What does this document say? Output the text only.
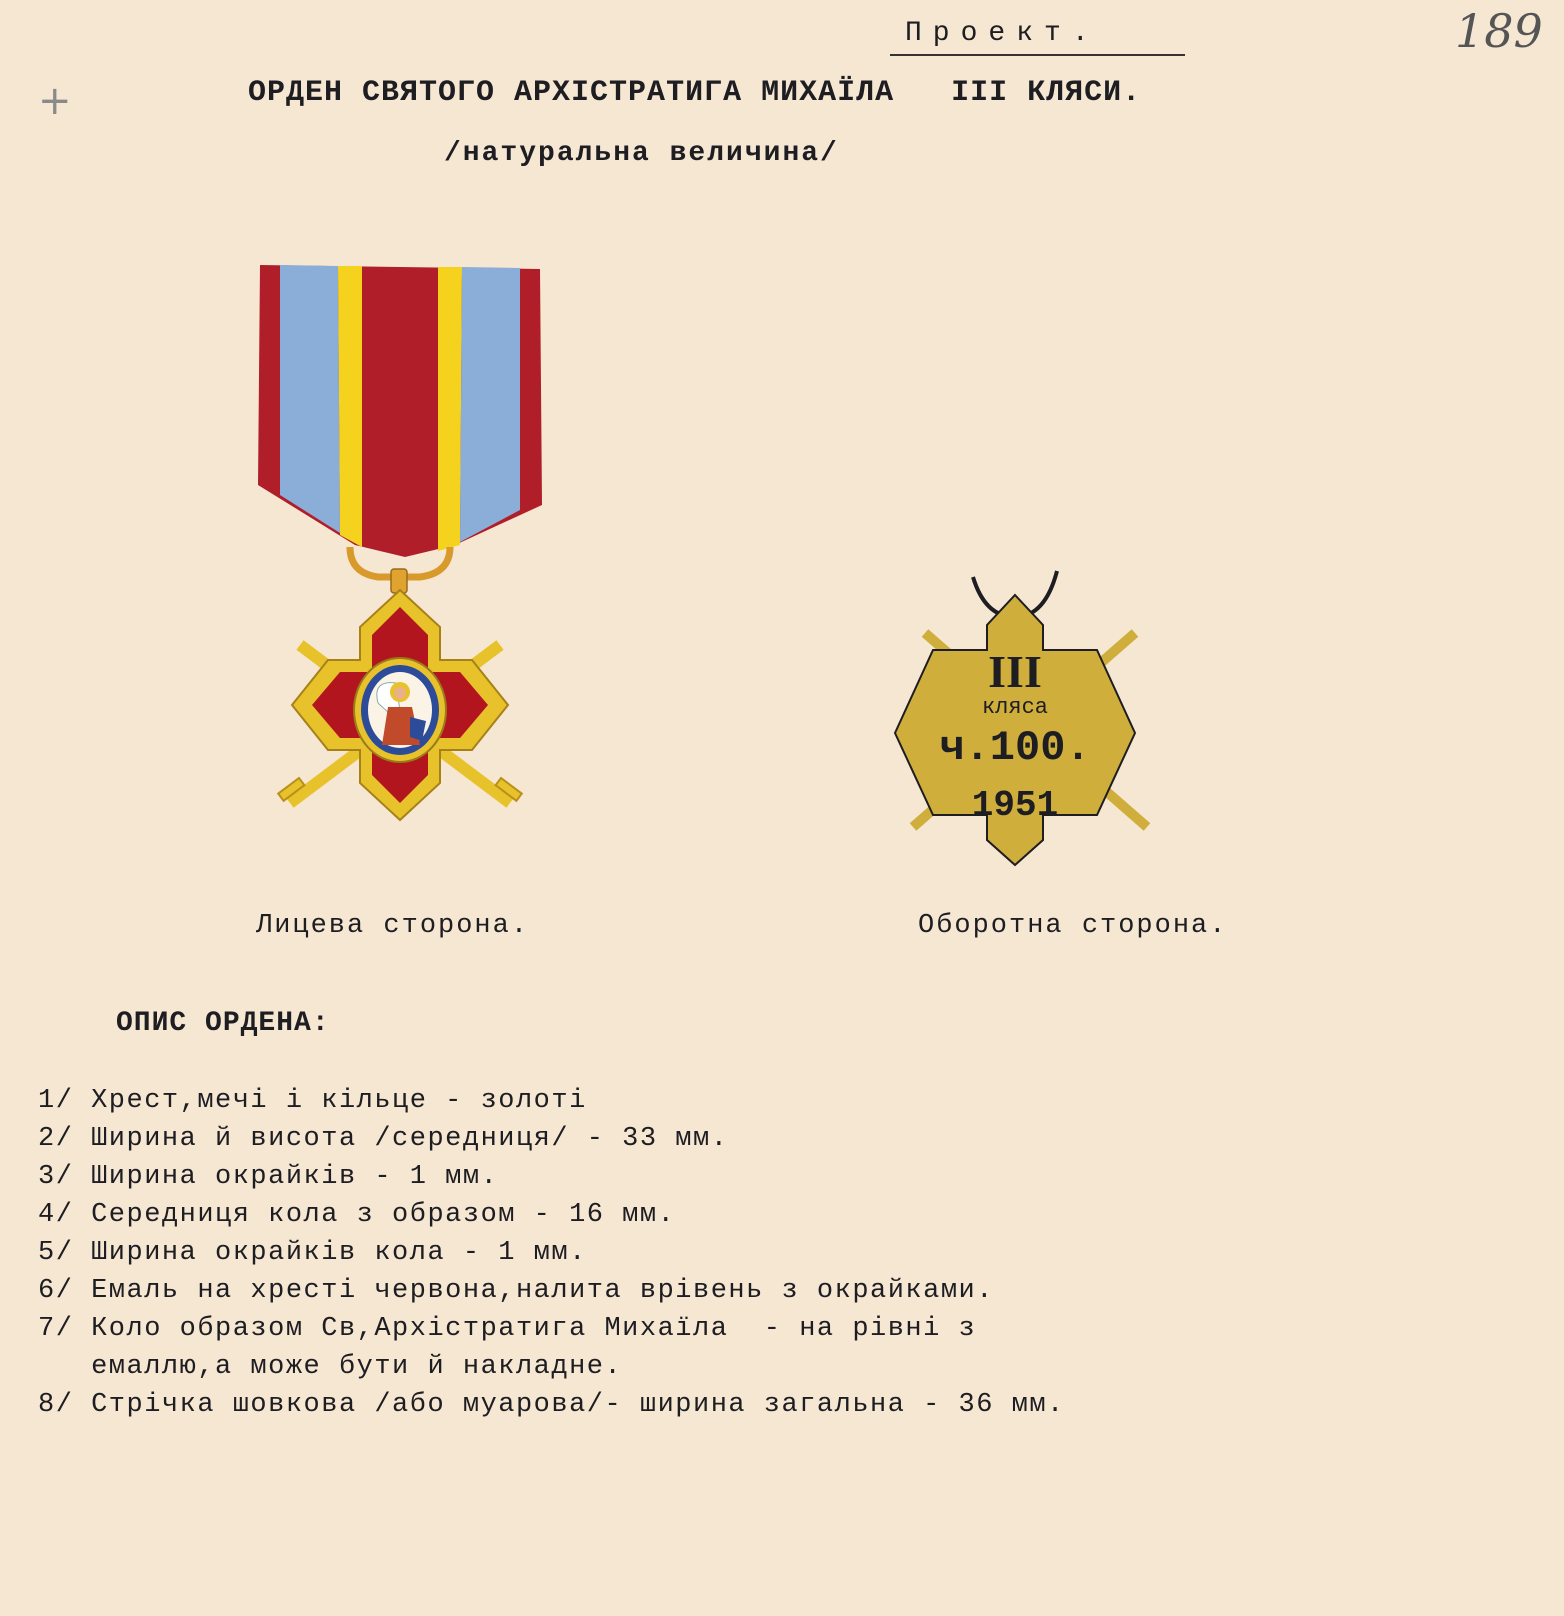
+
Проект.	189
ОРДЕН СВЯТОГО АРХІСТРАТИГА МИХАЇЛА   III КЛЯСИ.
/натуральна величина/
III
кляса
ч.100.
1951
Лицева сторона.	Оборотна сторона.
ОПИС ОРДЕНА:
1/ Хрест,мечі і кільце - золоті
2/ Ширина й висота /середниця/ - 33 мм.
3/ Ширина окрайків - 1 мм.
4/ Середниця кола з образом - 16 мм.
5/ Ширина окрайків кола - 1 мм.
6/ Емаль на хресті червона,налита врівень з окрайками.
7/ Коло образом Св,Архістратига Михаїла  - на рівні з
емаллю,а може бути й накладне.
8/ Стрічка шовкова /або муарова/- ширина загальна - 36 мм.
